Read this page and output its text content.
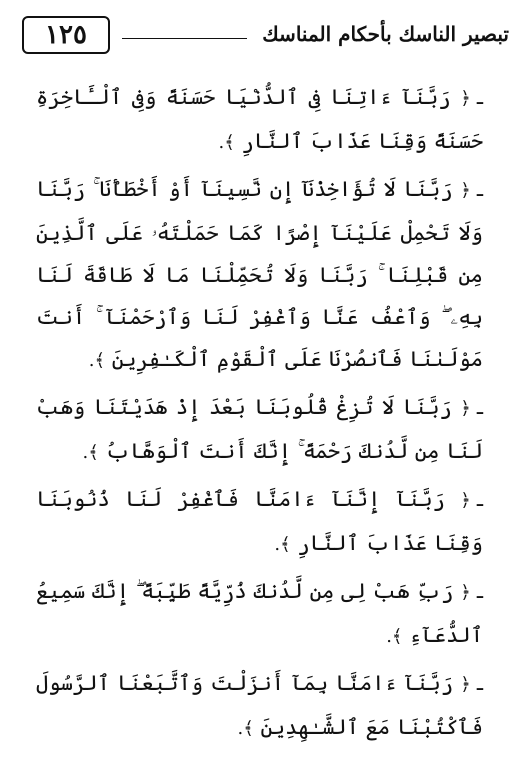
تبصير الناسك بأحكام المناسك
١٢٥

ـ﴿ رَبَّنَآ ءَاتِنَا فِى ٱلدُّنْيَا حَسَنَةً وَفِى ٱلْـَٔاخِرَةِ حَسَنَةً وَقِنَا عَذَابَ ٱلنَّارِ ﴾.

ـ﴿ رَبَّنَا لَا تُؤَاخِذْنَآ إِن نَّسِينَآ أَوْ أَخْطَأْنَا ۚ رَبَّنَا وَلَا تَحْمِلْ عَلَيْنَآ إِصْرًا كَمَا حَمَلْتَهُۥ عَلَى ٱلَّذِينَ مِن قَبْلِنَا ۚ رَبَّنَا وَلَا تُحَمِّلْنَا مَا لَا طَاقَةَ لَنَا بِهِۦ ۖ وَٱعْفُ عَنَّا وَٱغْفِرْ لَنَا وَٱرْحَمْنَآ ۚ أَنتَ مَوْلَىٰنَا فَٱنصُرْنَا عَلَى ٱلْقَوْمِ ٱلْكَـٰفِرِينَ ﴾.

ـ﴿ رَبَّنَا لَا تُزِغْ قُلُوبَنَا بَعْدَ إِذْ هَدَيْتَنَا وَهَبْ لَنَا مِن لَّدُنكَ رَحْمَةً ۚ إِنَّكَ أَنتَ ٱلْوَهَّابُ ﴾.

ـ﴿ رَبَّنَآ إِنَّنَآ ءَامَنَّا فَٱغْفِرْ لَنَا ذُنُوبَنَا وَقِنَا عَذَابَ ٱلنَّارِ ﴾.

ـ﴿ رَبِّ هَبْ لِى مِن لَّدُنكَ ذُرِّيَّةً طَيِّبَةً ۖ إِنَّكَ سَمِيعُ ٱلدُّعَآءِ ﴾.

ـ﴿ رَبَّنَآ ءَامَنَّا بِمَآ أَنزَلْتَ وَٱتَّبَعْنَا ٱلرَّسُولَ فَٱكْتُبْنَا مَعَ ٱلشَّـٰهِدِينَ ﴾.
